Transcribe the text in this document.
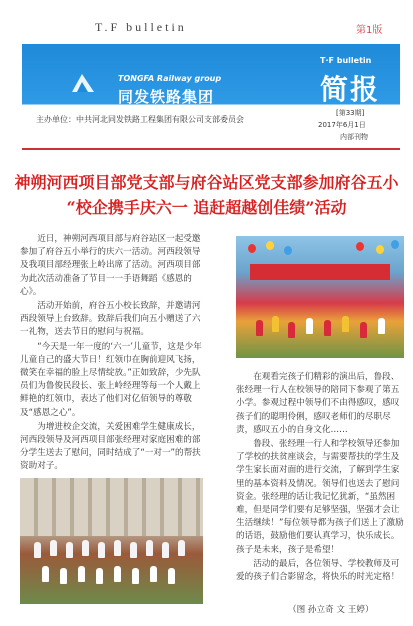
T.F bulletin	第1版
TONGFA Railway group
同发铁路集团
主办单位：中共河北同发铁路工程集团有限公司支部委员会
T·F bulletin
简报
[第33期]
2017年6月1日
内部刊物
神朔河西项目部党支部与府谷站区党支部参加府谷五小
“校企携手庆六一 追赶超越创佳绩”活动

近日，神朔河西项目部与府谷站区一起受邀参加了府谷五小举行的庆六一活动。河西段领导及我项目部经理张上岭出席了活动。河西项目部为此次活动准备了节目一一手语舞蹈《感恩的心》。

活动开始前，府谷五小校长致辞，并邀请河西段领导上台致辞。致辞后我们向五小赠送了六一礼物，送去节日的慰问与祝福。

“今天是一年一度的‘六一’儿童节，这是少年儿童自己的盛大节日！红领巾在胸前迎风飞扬，微笑在幸福的脸上尽情绽放。”正如致辞，少先队员们为鲁俊民段长、张上岭经理等每一个人戴上鲜艳的红领巾，表达了他们对亿佰领导的尊敬及“感恩之心”。

为增进校企交流，关爱困难学生健康成长，河西段领导及河西项目部张经理对家庭困难的部分学生送去了慰问，同时结成了“一对一”的帮扶资助对子。

在观看完孩子们精彩的演出后，鲁段、张经理一行人在校领导的陪同下参观了第五小学。参观过程中领导们不由得感叹，感叹孩子们的聪明伶俐，感叹老师们的尽职尽责，感叹五小的自身文化……

鲁段、张经理一行人和学校领导还参加了学校的扶贫座谈会，与需要帮扶的学生及学生家长面对面的进行交流，了解到学生家里的基本资料及情况。领导们也送去了慰问资金。张经理的话让我记忆犹新，“虽然困难，但是同学们要有足够坚强，坚强才会让生活继续！”每位领导都为孩子们送上了激励的话语，鼓励他们要认真学习，快乐成长。孩子是未来，孩子是希望！

活动的最后，各位领导、学校教师及可爱的孩子们合影留念，将快乐的时光定格！

（图 孙立奇 文 王婷）
